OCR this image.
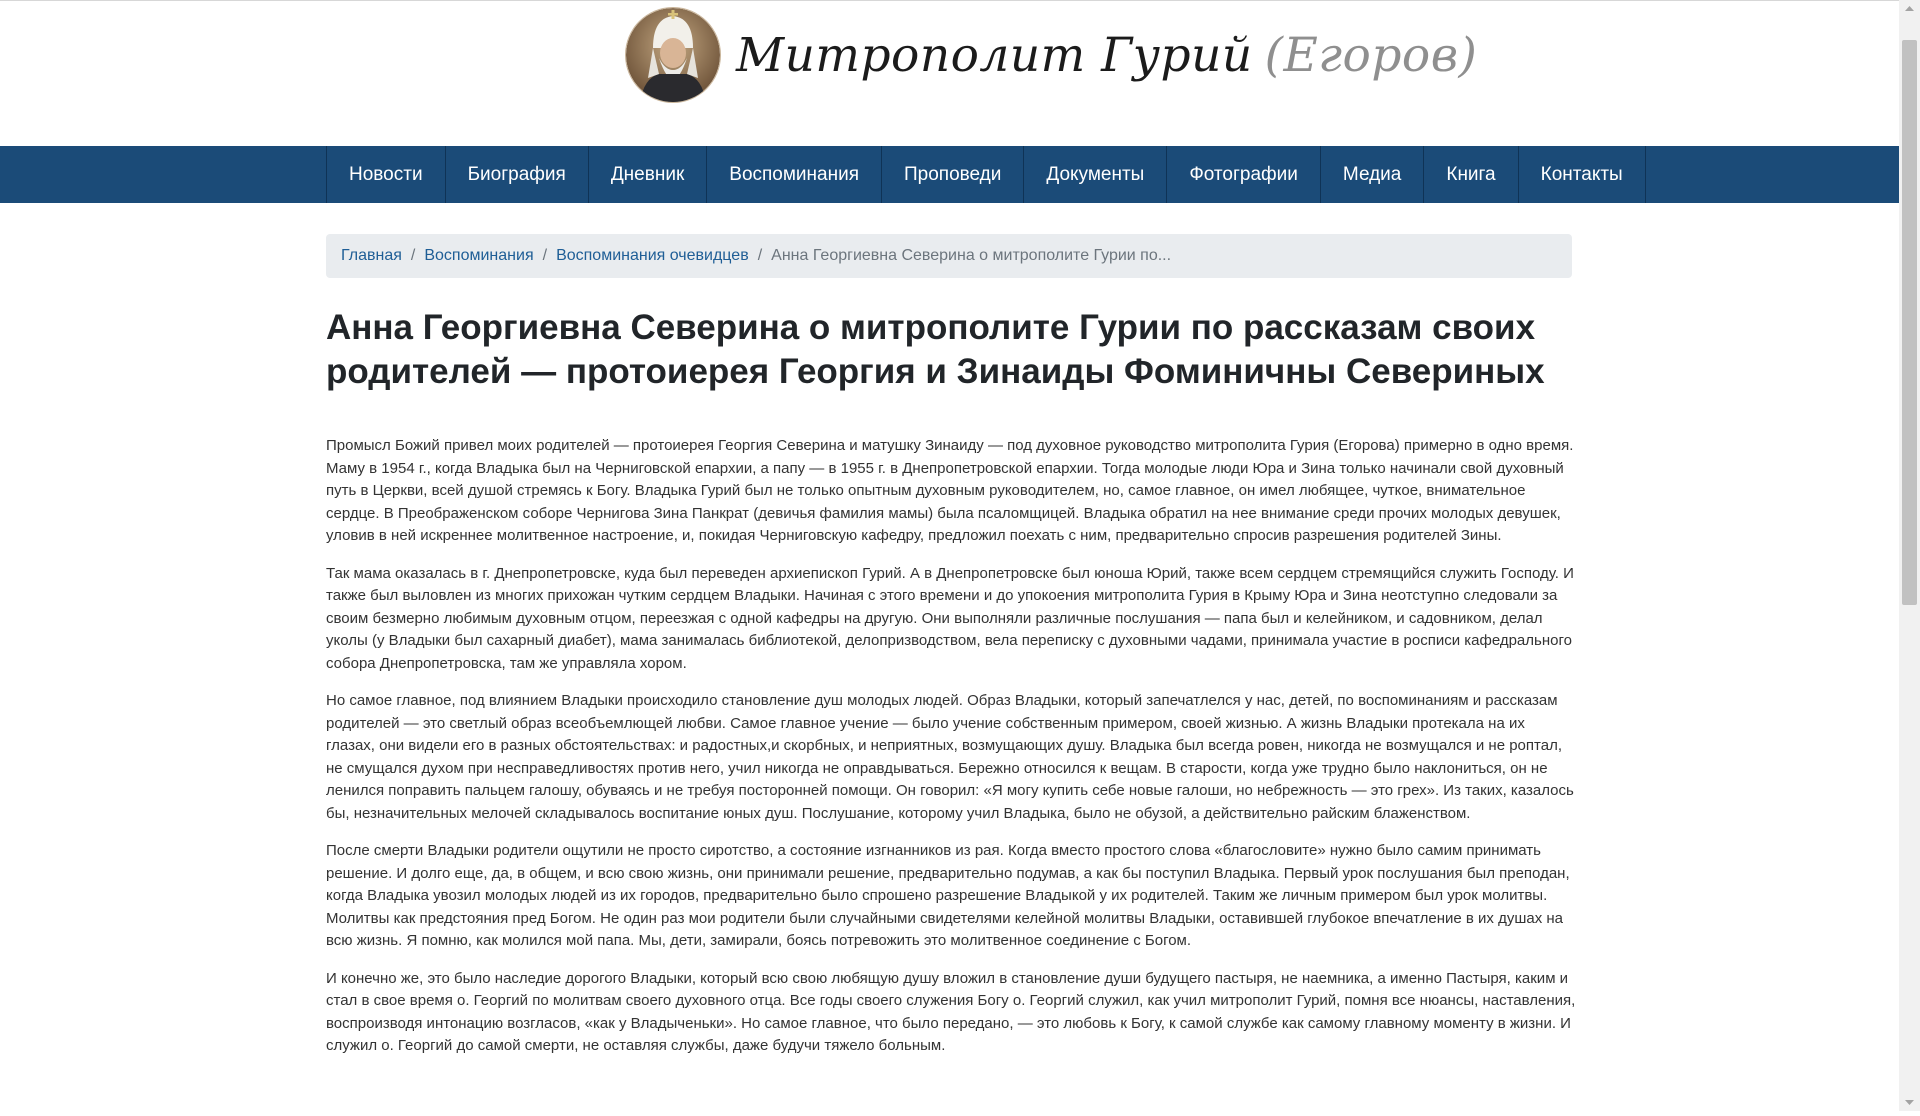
Митрополит Гурий (Егоров)
Новости	Биография	Дневник	Воспоминания	Проповеди	Документы	Фотографии	Медиа	Книга	Контакты
Главная / Воспоминания / Воспоминания очевидцев / Анна Георгиевна Северина о митрополите Гурии по...
Анна Георгиевна Северина о митрополите Гурии по рассказам своих родителей — протоиерея Георгия и Зинаиды Фоминичны Севериных

Промысл Божий привел моих родителей — протоиерея Георгия Северина и матушку Зинаиду — под духовное руководство митрополита Гурия (Егорова) примерно в одно время. Маму в 1954 г., когда Владыка был на Черниговской епархии, а папу — в 1955 г. в Днепропетровской епархии. Тогда молодые люди Юра и Зина только начинали свой духовный путь в Церкви, всей душой стремясь к Богу. Владыка Гурий был не только опытным духовным руководителем, но, самое главное, он имел любящее, чуткое, внимательное сердце. В Преображенском соборе Чернигова Зина Панкрат (девичья фамилия мамы) была псаломщицей. Владыка обратил на нее внимание среди прочих молодых девушек, уловив в ней искреннее молитвенное настроение, и, покидая Черниговскую кафедру, предложил поехать с ним, предварительно спросив разрешения родителей Зины.

Так мама оказалась в г. Днепропетровске, куда был переведен архиепископ Гурий. А в Днепропетровске был юноша Юрий, также всем сердцем стремящийся служить Господу. И также был выловлен из многих прихожан чутким сердцем Владыки. Начиная с этого времени и до упокоения митрополита Гурия в Крыму Юра и Зина неотступно следовали за своим безмерно любимым духовным отцом, переезжая с одной кафедры на другую. Они выполняли различные послушания — папа был и келейником, и садовником, делал уколы (у Владыки был сахарный диабет), мама занималась библиотекой, делопризводством, вела переписку с духовными чадами, принимала участие в росписи кафедрального собора Днепропетровска, там же управляла хором.

Но самое главное, под влиянием Владыки происходило становление душ молодых людей. Образ Владыки, который запечатлелся у нас, детей, по воспоминаниям и рассказам родителей — это светлый образ всеобъемлющей любви. Самое главное учение — было учение собственным примером, своей жизнью. А жизнь Владыки протекала на их глазах, они видели его в разных обстоятельствах: и радостных,и скорбных, и неприятных, возмущающих душу. Владыка был всегда ровен, никогда не возмущался и не роптал, не смущался духом при несправедливостях против него, учил никогда не оправдываться. Бережно относился к вещам. В старости, когда уже трудно было наклониться, он не ленился поправить пальцем галошу, обуваясь и не требуя посторонней помощи. Он говорил: «Я могу купить себе новые галоши, но небрежность — это грех». Из таких, казалось бы, незначительных мелочей складывалось воспитание юных душ. Послушание, которому учил Владыка, было не обузой, а действительно райским блаженством.

После смерти Владыки родители ощутили не просто сиротство, а состояние изгнанников из рая. Когда вместо простого слова «благословите» нужно было самим принимать решение. И долго еще, да, в общем, и всю свою жизнь, они принимали решение, предварительно подумав, а как бы поступил Владыка. Первый урок послушания был преподан, когда Владыка увозил молодых людей из их городов, предварительно было спрошено разрешение Владыкой у их родителей. Таким же личным примером был урок молитвы. Молитвы как предстояния пред Богом. Не один раз мои родители были случайными свидетелями келейной молитвы Владыки, оставившей глубокое впечатление в их душах на всю жизнь. Я помню, как молился мой папа. Мы, дети, замирали, боясь потревожить это молитвенное соединение с Богом.

И конечно же, это было наследие дорогого Владыки, который всю свою любящую душу вложил в становление души будущего пастыря, не наемника, а именно Пастыря, каким и стал в свое время о. Георгий по молитвам своего духовного отца. Все годы своего служения Богу о. Георгий служил, как учил митрополит Гурий, помня все нюансы, наставления, воспроизводя интонацию возгласов, «как у Владыченьки». Но самое главное, что было передано, — это любовь к Богу, к самой службе как самому главному моменту в жизни. И служил о. Георгий до самой смерти, не оставляя службы, даже будучи тяжело больным.
